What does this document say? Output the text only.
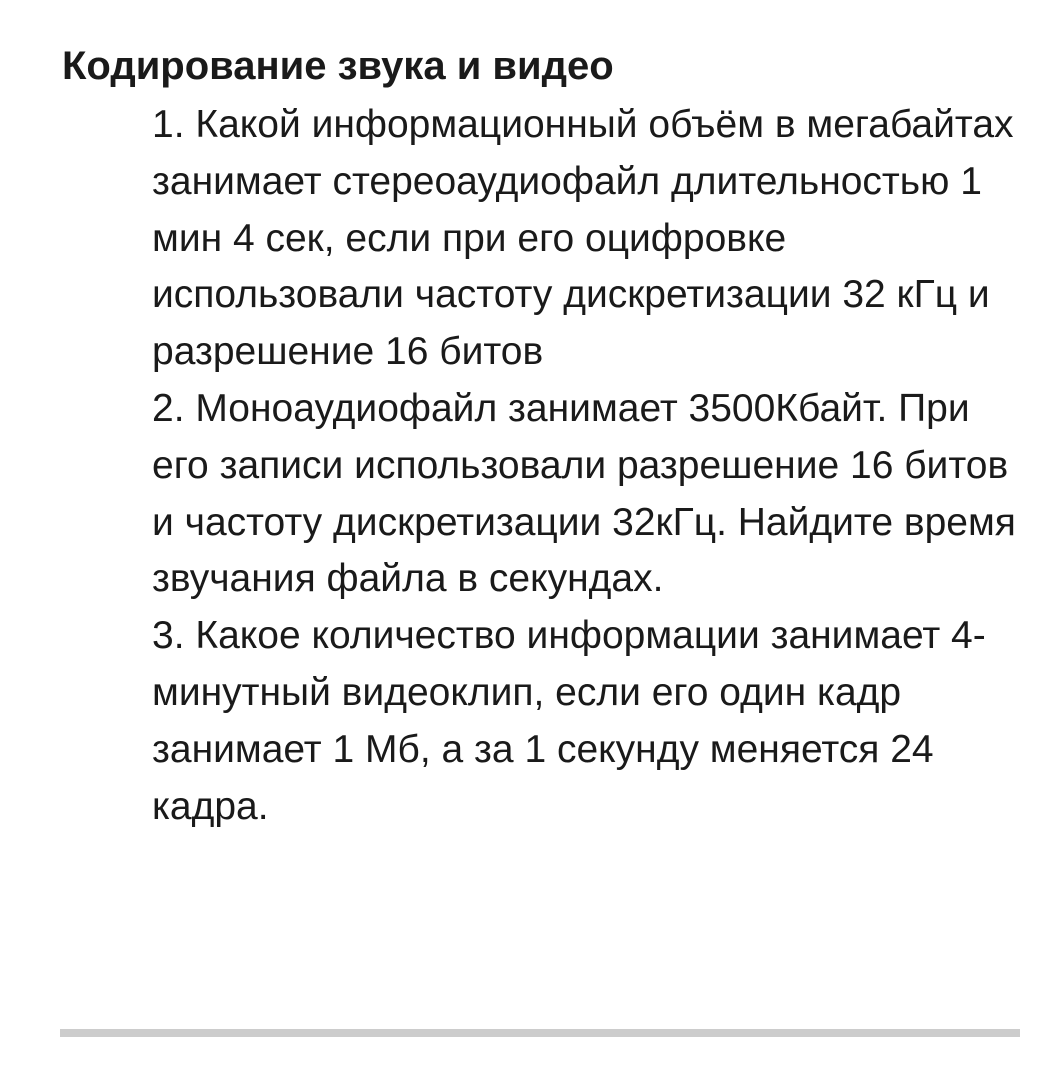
Кодирование звука и видео
1. Какой информационный объём в мегабайтах занимает стереоаудиофайл длительностью 1 мин 4 сек, если при его оцифровке использовали частоту дискретизации 32 кГц и разрешение 16 битов
2. Моноаудиофайл занимает 3500Кбайт. При его записи использовали разрешение 16 битов и частоту дискретизации 32кГц. Найдите время звучания файла в секундах.
3. Какое количество информации занимает 4-минутный видеоклип, если его один кадр занимает 1 Мб, а за 1 секунду меняется 24 кадра.
